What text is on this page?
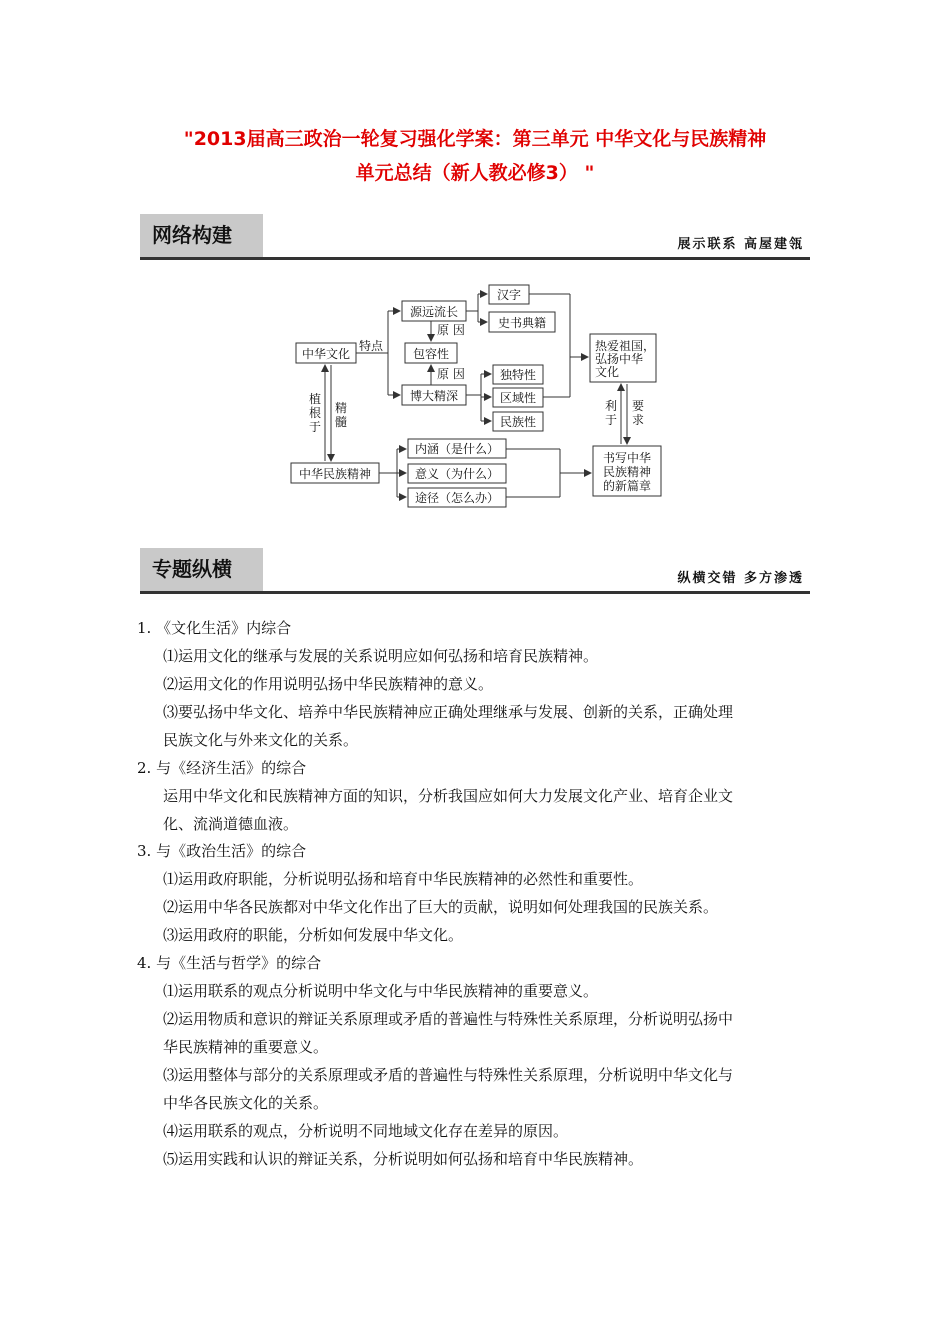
"2013届高三政治一轮复习强化学案：第三单元 中华文化与民族精神
单元总结（新人教必修3） "
网络构建	展示联系 高屋建瓴
中华文化
特点
源远流长
汉字
史书典籍
原 因
包容性
原 因
博大精深
独特性
区域性
民族性
热爱祖国，
弘扬中华
文化
利
于
要
求
植
根
于
精
髓
中华民族精神
内涵（是什么）
意义（为什么）
途径（怎么办）
书写中华
民族精神
的新篇章
专题纵横	纵横交错 多方渗透
1. 《文化生活》内综合
⑴运用文化的继承与发展的关系说明应如何弘扬和培育民族精神。
⑵运用文化的作用说明弘扬中华民族精神的意义。
⑶要弘扬中华文化、培养中华民族精神应正确处理继承与发展、创新的关系，正确处理
民族文化与外来文化的关系。
2. 与《经济生活》的综合
运用中华文化和民族精神方面的知识，分析我国应如何大力发展文化产业、培育企业文
化、流淌道德血液。
3. 与《政治生活》的综合
⑴运用政府职能，分析说明弘扬和培育中华民族精神的必然性和重要性。
⑵运用中华各民族都对中华文化作出了巨大的贡献，说明如何处理我国的民族关系。
⑶运用政府的职能，分析如何发展中华文化。
4. 与《生活与哲学》的综合
⑴运用联系的观点分析说明中华文化与中华民族精神的重要意义。
⑵运用物质和意识的辩证关系原理或矛盾的普遍性与特殊性关系原理，分析说明弘扬中
华民族精神的重要意义。
⑶运用整体与部分的关系原理或矛盾的普遍性与特殊性关系原理，分析说明中华文化与
中华各民族文化的关系。
⑷运用联系的观点，分析说明不同地域文化存在差异的原因。
⑸运用实践和认识的辩证关系，分析说明如何弘扬和培育中华民族精神。
